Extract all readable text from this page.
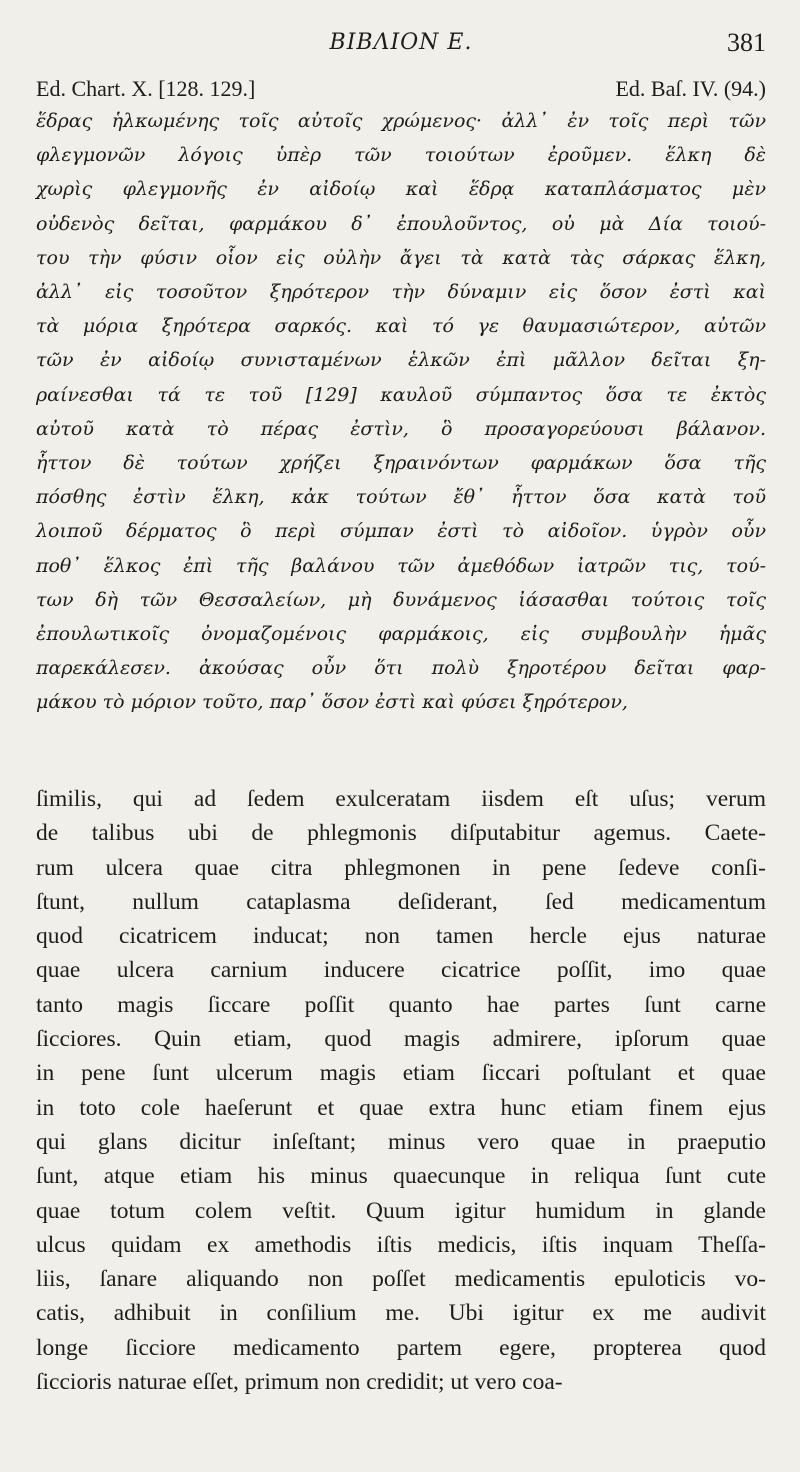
ΒΙΒΛΙΟΝ Ε.	381
Ed. Chart. X. [128. 129.]	Ed. Baſ. IV. (94.)
ἕδρας ἡλκωμένης τοῖς αὐτοῖς χρώμενος· ἀλλ᾽ ἐν τοῖς περὶ τῶν
φλεγμονῶν λόγοις ὑπὲρ τῶν τοιούτων ἐροῦμεν. ἕλκη δὲ
χωρὶς φλεγμονῆς ἐν αἰδοίῳ καὶ ἕδρᾳ καταπλάσματος μὲν
οὐδενὸς δεῖται, φαρμάκου δ᾽ ἐπουλοῦντος, οὐ μὰ Δία τοιού-
του τὴν φύσιν οἷον εἰς οὐλὴν ἄγει τὰ κατὰ τὰς σάρκας ἕλκη,
ἀλλ᾽ εἰς τοσοῦτον ξηρότερον τὴν δύναμιν εἰς ὅσον ἐστὶ καὶ
τὰ μόρια ξηρότερα σαρκός. καὶ τό γε θαυμασιώτερον, αὐτῶν
τῶν ἐν αἰδοίῳ συνισταμένων ἑλκῶν ἐπὶ μᾶλλον δεῖται ξη-
ραίνεσθαι τά τε τοῦ [129] καυλοῦ σύμπαντος ὅσα τε ἐκτὸς
αὐτοῦ κατὰ τὸ πέρας ἐστὶν, ὃ προσαγορεύουσι βάλανον.
ἧττον δὲ τούτων χρήζει ξηραινόντων φαρμάκων ὅσα τῆς
πόσθης ἐστὶν ἕλκη, κἀκ τούτων ἔθ᾽ ἧττον ὅσα κατὰ τοῦ
λοιποῦ δέρματος ὃ περὶ σύμπαν ἐστὶ τὸ αἰδοῖον. ὑγρὸν οὖν
ποθ᾽ ἕλκος ἐπὶ τῆς βαλάνου τῶν ἀμεθόδων ἰατρῶν τις, τού-
των δὴ τῶν Θεσσαλείων, μὴ δυνάμενος ἰάσασθαι τούτοις τοῖς
ἐπουλωτικοῖς ὀνομαζομένοις φαρμάκοις, εἰς συμβουλὴν ἡμᾶς
παρεκάλεσεν. ἀκούσας οὖν ὅτι πολὺ ξηροτέρου δεῖται φαρ-
μάκου τὸ μόριον τοῦτο, παρ᾽ ὅσον ἐστὶ καὶ φύσει ξηρότερον,
ſimilis, qui ad ſedem exulceratam iisdem eſt uſus; verum
de talibus ubi de phlegmonis diſputabitur agemus. Caete-
rum ulcera quae citra phlegmonen in pene ſedeve conſi-
ſtunt, nullum cataplasma deſiderant, ſed medicamentum
quod cicatricem inducat; non tamen hercle ejus naturae
quae ulcera carnium inducere cicatrice poſſit, imo quae
tanto magis ſiccare poſſit quanto hae partes ſunt carne
ſicciores. Quin etiam, quod magis admirere, ipſorum quae
in pene ſunt ulcerum magis etiam ſiccari poſtulant et quae
in toto cole haeſerunt et quae extra hunc etiam finem ejus
qui glans dicitur inſeſtant; minus vero quae in praeputio
ſunt, atque etiam his minus quaecunque in reliqua ſunt cute
quae totum colem veſtit. Quum igitur humidum in glande
ulcus quidam ex amethodis iſtis medicis, iſtis inquam Theſſa-
liis, ſanare aliquando non poſſet medicamentis epuloticis vo-
catis, adhibuit in conſilium me. Ubi igitur ex me audivit
longe ſicciore medicamento partem egere, propterea quod
ſiccioris naturae eſſet, primum non credidit; ut vero coa-
